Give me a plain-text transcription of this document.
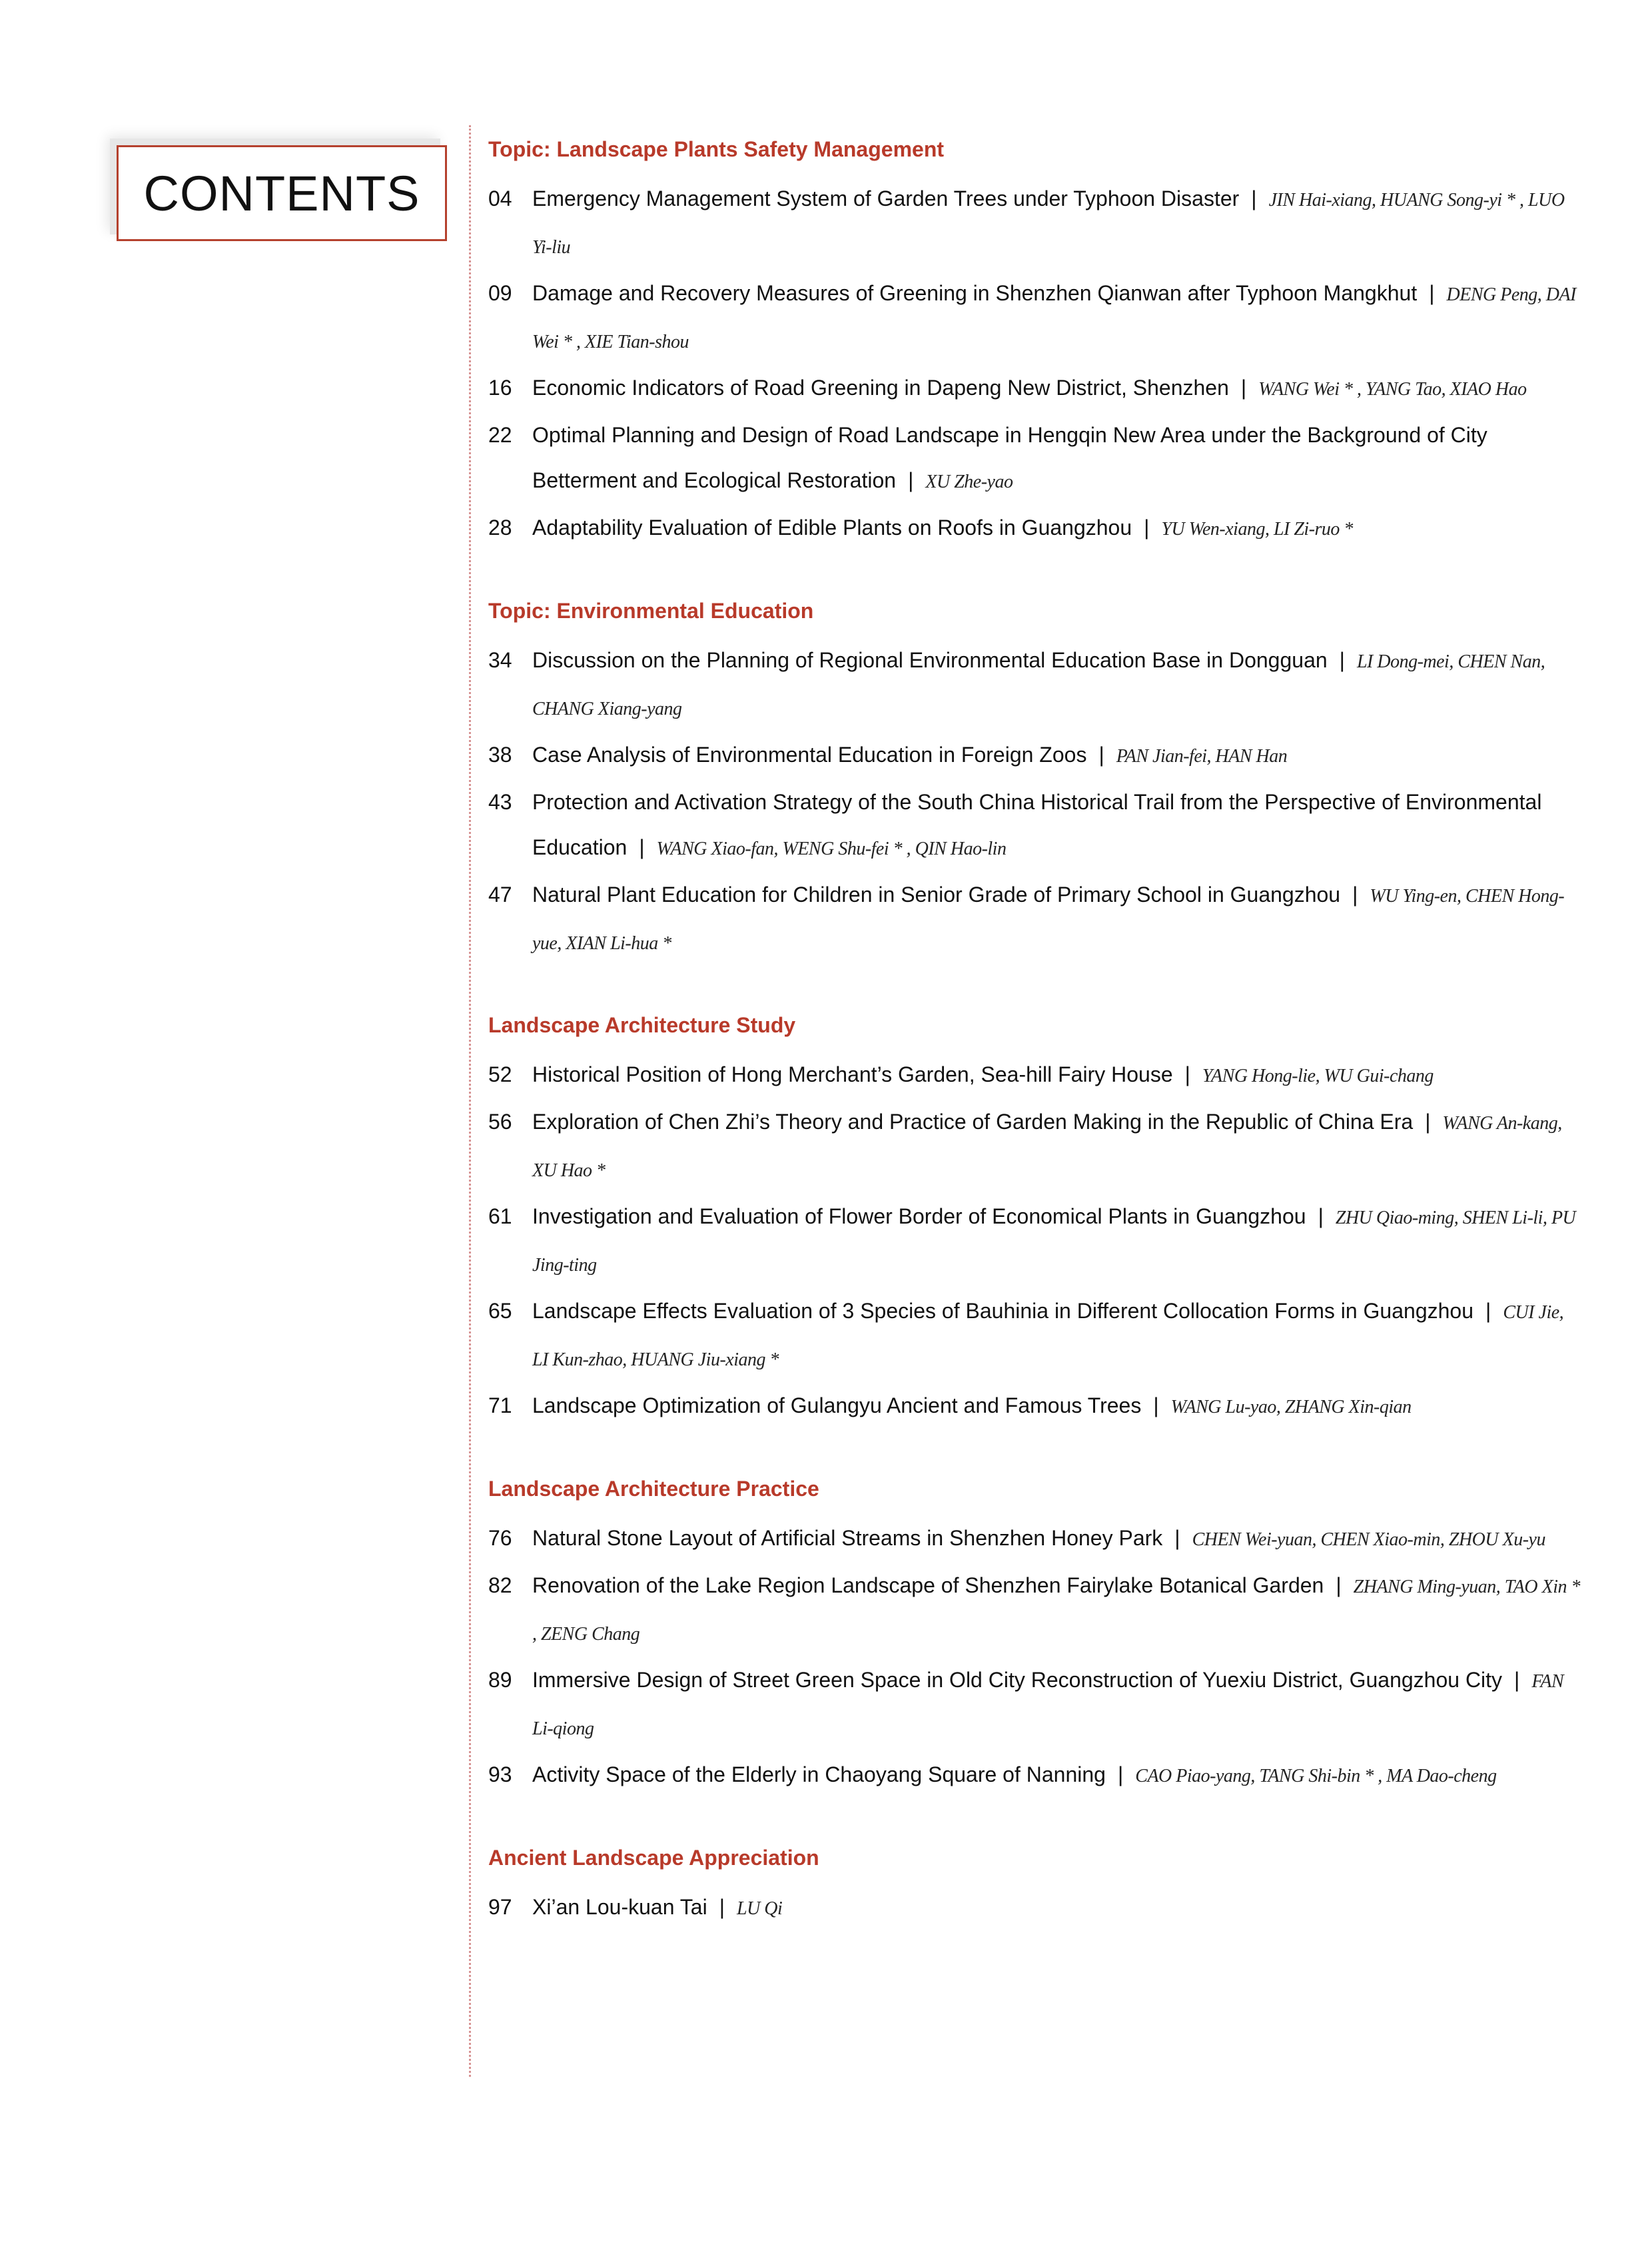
CONTENTS
Topic: Landscape Plants Safety Management
04 Emergency Management System of Garden Trees under Typhoon Disaster | JIN Hai-xiang, HUANG Song-yi * , LUO Yi-liu
09 Damage and Recovery Measures of Greening in Shenzhen Qianwan after Typhoon Mangkhut | DENG Peng, DAI Wei * , XIE Tian-shou
16 Economic Indicators of Road Greening in Dapeng New District, Shenzhen | WANG Wei * , YANG Tao, XIAO Hao
22 Optimal Planning and Design of Road Landscape in Hengqin New Area under the Background of City Betterment and Ecological Restoration | XU Zhe-yao
28 Adaptability Evaluation of Edible Plants on Roofs in Guangzhou | YU Wen-xiang, LI Zi-ruo *
Topic: Environmental Education
34 Discussion on the Planning of Regional Environmental Education Base in Dongguan | LI Dong-mei, CHEN Nan, CHANG Xiang-yang
38 Case Analysis of Environmental Education in Foreign Zoos | PAN Jian-fei, HAN Han
43 Protection and Activation Strategy of the South China Historical Trail from the Perspective of Environmental Education | WANG Xiao-fan, WENG Shu-fei * , QIN Hao-lin
47 Natural Plant Education for Children in Senior Grade of Primary School in Guangzhou | WU Ying-en, CHEN Hong-yue, XIAN Li-hua *
Landscape Architecture Study
52 Historical Position of Hong Merchant’s Garden, Sea-hill Fairy House | YANG Hong-lie, WU Gui-chang
56 Exploration of Chen Zhi’s Theory and Practice of Garden Making in the Republic of China Era | WANG An-kang, XU Hao *
61 Investigation and Evaluation of Flower Border of Economical Plants in Guangzhou | ZHU Qiao-ming, SHEN Li-li, PU Jing-ting
65 Landscape Effects Evaluation of 3 Species of Bauhinia in Different Collocation Forms in Guangzhou | CUI Jie, LI Kun-zhao, HUANG Jiu-xiang *
71 Landscape Optimization of Gulangyu Ancient and Famous Trees | WANG Lu-yao, ZHANG Xin-qian
Landscape Architecture Practice
76 Natural Stone Layout of Artificial Streams in Shenzhen Honey Park | CHEN Wei-yuan, CHEN Xiao-min, ZHOU Xu-yu
82 Renovation of the Lake Region Landscape of Shenzhen Fairylake Botanical Garden | ZHANG Ming-yuan, TAO Xin * , ZENG Chang
89 Immersive Design of Street Green Space in Old City Reconstruction of Yuexiu District, Guangzhou City | FAN Li-qiong
93 Activity Space of the Elderly in Chaoyang Square of Nanning | CAO Piao-yang, TANG Shi-bin * , MA Dao-cheng
Ancient Landscape Appreciation
97 Xi’an Lou-kuan Tai | LU Qi
